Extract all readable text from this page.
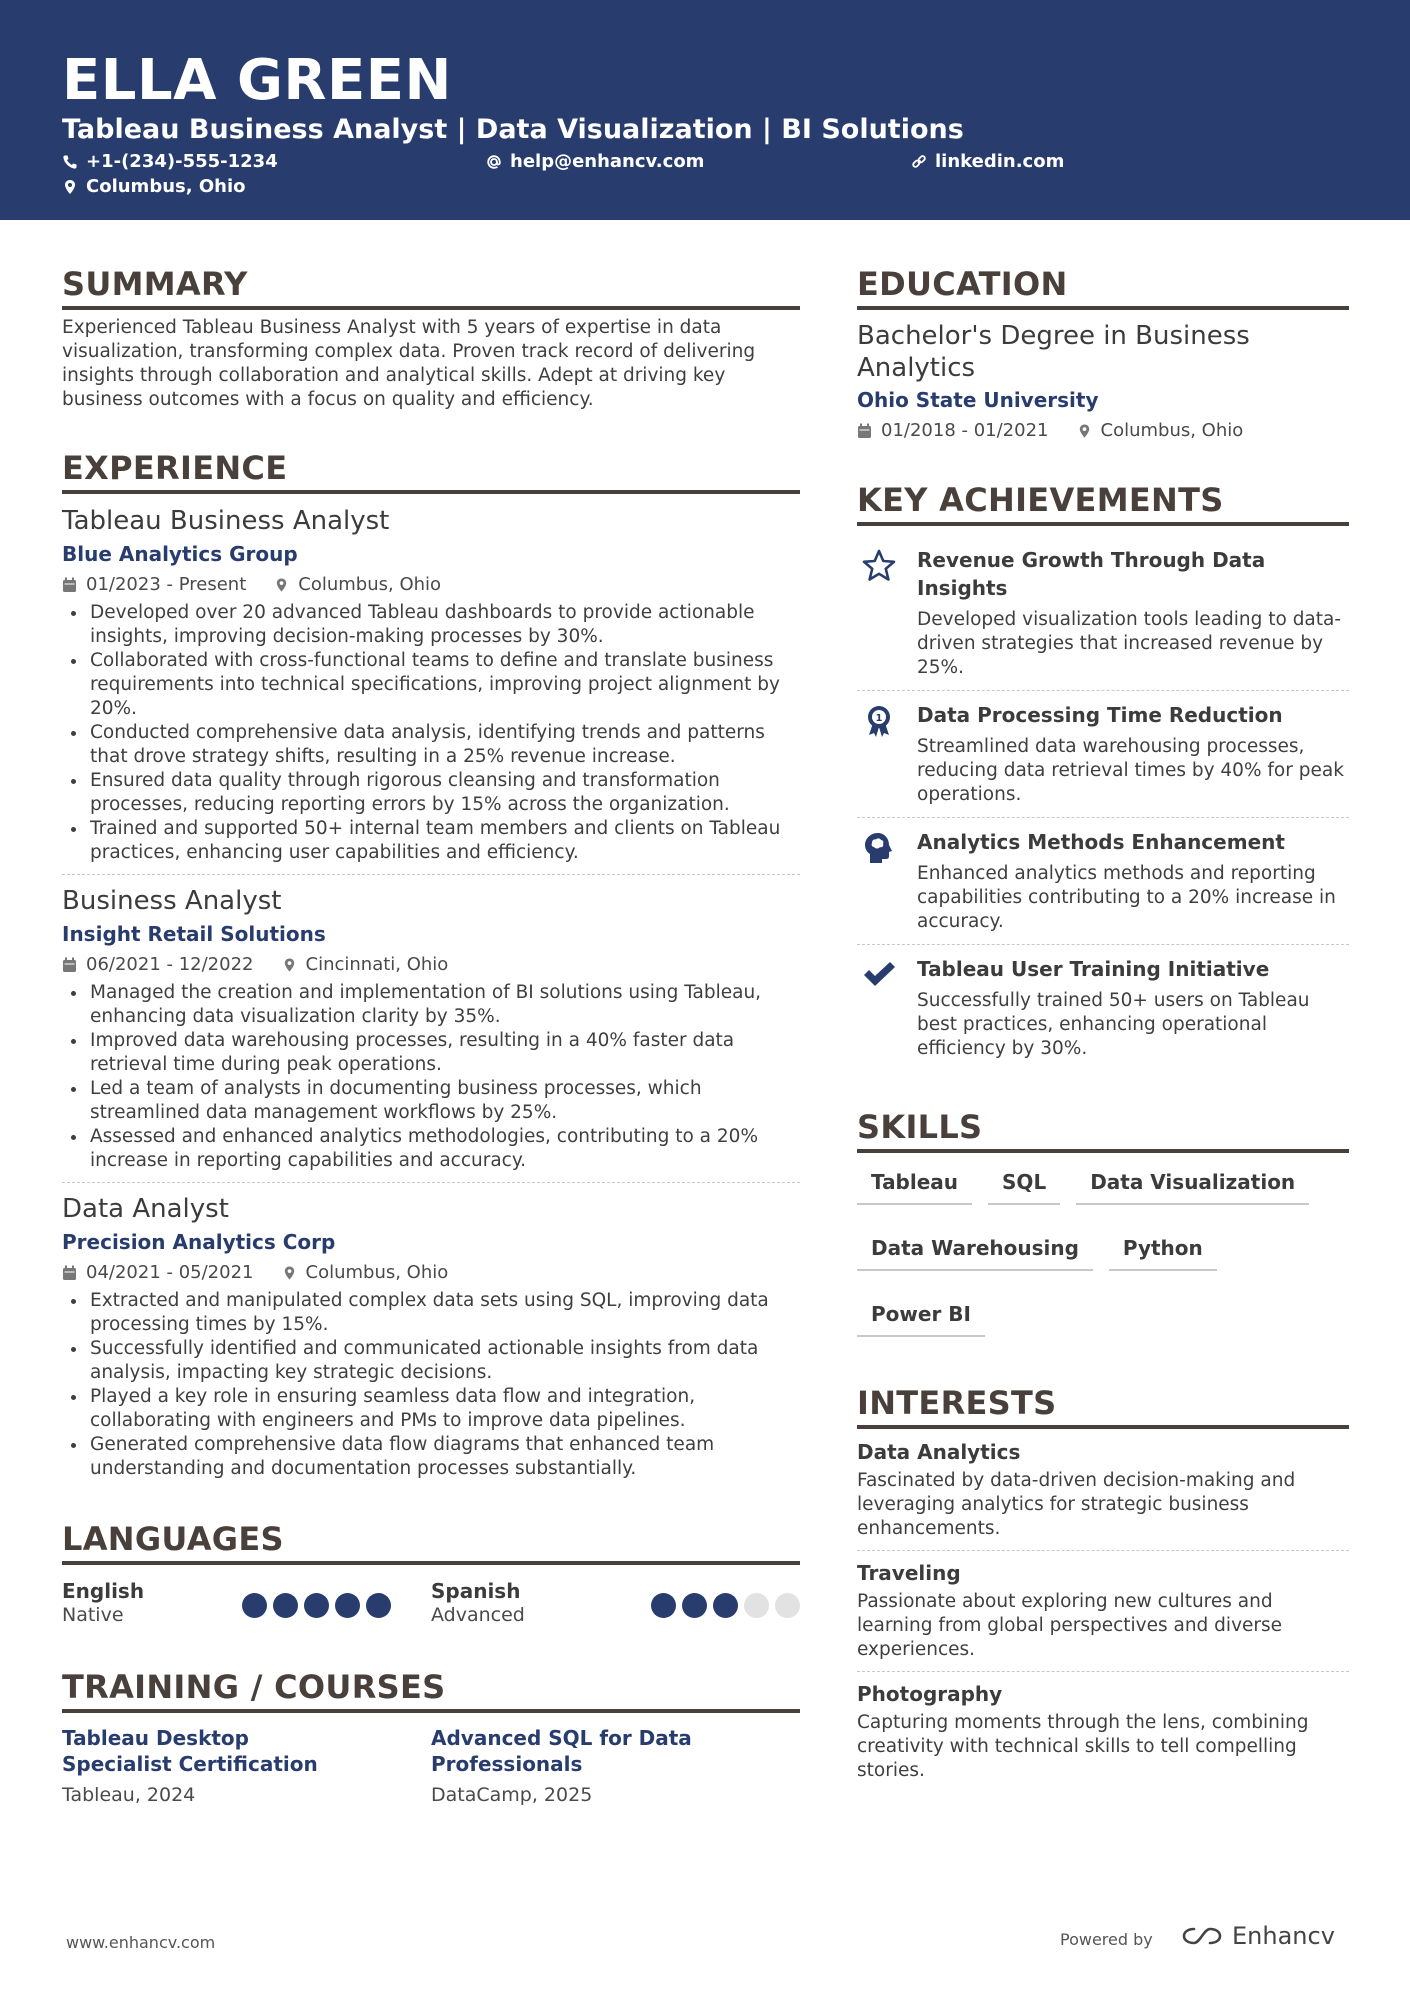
ELLA GREEN
Tableau Business Analyst | Data Visualization | BI Solutions
+1-(234)-555-1234	help@enhancv.com	linkedin.com
Columbus, Ohio
SUMMARY
Experienced Tableau Business Analyst with 5 years of expertise in data visualization, transforming complex data. Proven track record of delivering insights through collaboration and analytical skills. Adept at driving key business outcomes with a focus on quality and efficiency.
EXPERIENCE
Tableau Business Analyst
Blue Analytics Group
01/2023 - Present	Columbus, Ohio
Developed over 20 advanced Tableau dashboards to provide actionable insights, improving decision-making processes by 30%.
Collaborated with cross-functional teams to define and translate business requirements into technical specifications, improving project alignment by 20%.
Conducted comprehensive data analysis, identifying trends and patterns that drove strategy shifts, resulting in a 25% revenue increase.
Ensured data quality through rigorous cleansing and transformation processes, reducing reporting errors by 15% across the organization.
Trained and supported 50+ internal team members and clients on Tableau practices, enhancing user capabilities and efficiency.
Business Analyst
Insight Retail Solutions
06/2021 - 12/2022	Cincinnati, Ohio
Managed the creation and implementation of BI solutions using Tableau, enhancing data visualization clarity by 35%.
Improved data warehousing processes, resulting in a 40% faster data retrieval time during peak operations.
Led a team of analysts in documenting business processes, which streamlined data management workflows by 25%.
Assessed and enhanced analytics methodologies, contributing to a 20% increase in reporting capabilities and accuracy.
Data Analyst
Precision Analytics Corp
04/2021 - 05/2021	Columbus, Ohio
Extracted and manipulated complex data sets using SQL, improving data processing times by 15%.
Successfully identified and communicated actionable insights from data analysis, impacting key strategic decisions.
Played a key role in ensuring seamless data flow and integration, collaborating with engineers and PMs to improve data pipelines.
Generated comprehensive data flow diagrams that enhanced team understanding and documentation processes substantially.
LANGUAGES
English
Native
Spanish
Advanced
TRAINING / COURSES
Tableau Desktop Specialist Certification
Tableau, 2024
Advanced SQL for Data Professionals
DataCamp, 2025
EDUCATION
Bachelor's Degree in Business Analytics
Ohio State University
01/2018 - 01/2021	Columbus, Ohio
KEY ACHIEVEMENTS
Revenue Growth Through Data Insights
Developed visualization tools leading to data-driven strategies that increased revenue by 25%.
1 Data Processing Time Reduction
Streamlined data warehousing processes, reducing data retrieval times by 40% for peak operations.
Analytics Methods Enhancement
Enhanced analytics methods and reporting capabilities contributing to a 20% increase in accuracy.
Tableau User Training Initiative
Successfully trained 50+ users on Tableau best practices, enhancing operational efficiency by 30%.
SKILLS
Tableau	SQL	Data Visualization
Data Warehousing	Python
Power BI
INTERESTS
Data Analytics
Fascinated by data-driven decision-making and leveraging analytics for strategic business enhancements.
Traveling
Passionate about exploring new cultures and learning from global perspectives and diverse experiences.
Photography
Capturing moments through the lens, combining creativity with technical skills to tell compelling stories.
www.enhancv.com	Powered by	Enhancv
